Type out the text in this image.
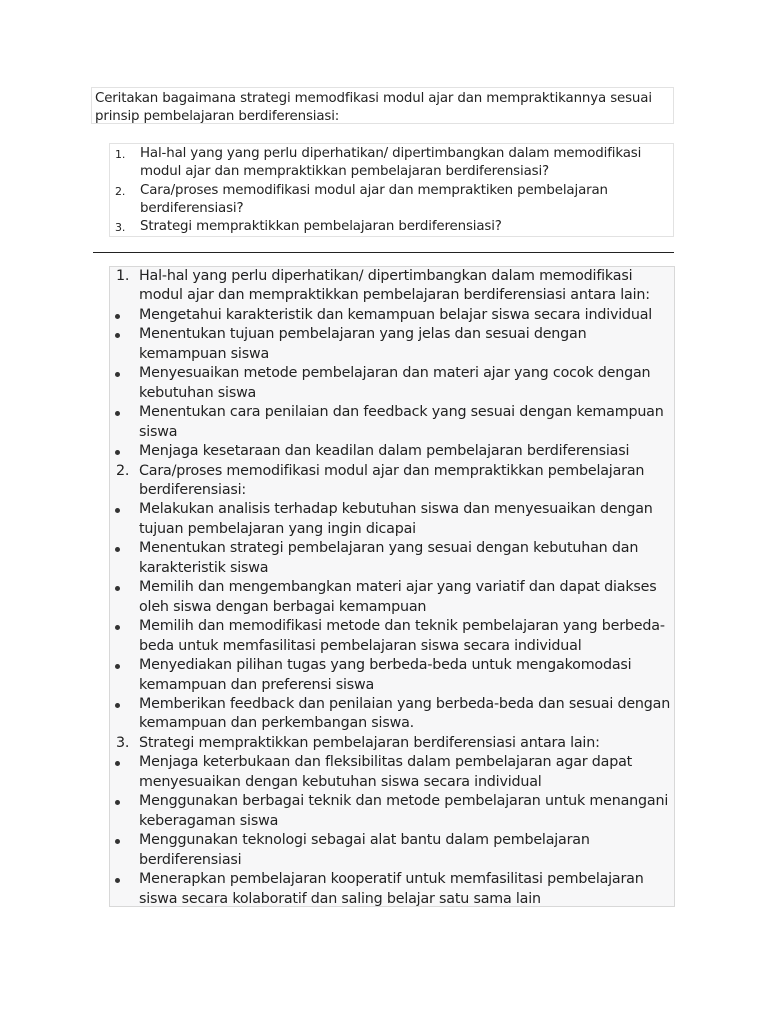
Ceritakan bagaimana strategi memodfikasi modul ajar dan mempraktikannya sesuai prinsip pembelajaran berdiferensiasi:
1. Hal-hal yang yang perlu diperhatikan/ dipertimbangkan dalam memodifikasi modul ajar dan mempraktikkan pembelajaran berdiferensiasi?
2. Cara/proses memodifikasi modul ajar dan mempraktiken pembelajaran berdiferensiasi?
3. Strategi mempraktikkan pembelajaran berdiferensiasi?
1. Hal-hal yang perlu diperhatikan/ dipertimbangkan dalam memodifikasi modul ajar dan mempraktikkan pembelajaran berdiferensiasi antara lain:
Mengetahui karakteristik dan kemampuan belajar siswa secara individual
Menentukan tujuan pembelajaran yang jelas dan sesuai dengan kemampuan siswa
Menyesuaikan metode pembelajaran dan materi ajar yang cocok dengan kebutuhan siswa
Menentukan cara penilaian dan feedback yang sesuai dengan kemampuan siswa
Menjaga kesetaraan dan keadilan dalam pembelajaran berdiferensiasi
2. Cara/proses memodifikasi modul ajar dan mempraktikkan pembelajaran berdiferensiasi:
Melakukan analisis terhadap kebutuhan siswa dan menyesuaikan dengan tujuan pembelajaran yang ingin dicapai
Menentukan strategi pembelajaran yang sesuai dengan kebutuhan dan karakteristik siswa
Memilih dan mengembangkan materi ajar yang variatif dan dapat diakses oleh siswa dengan berbagai kemampuan
Memilih dan memodifikasi metode dan teknik pembelajaran yang berbeda-beda untuk memfasilitasi pembelajaran siswa secara individual
Menyediakan pilihan tugas yang berbeda-beda untuk mengakomodasi kemampuan dan preferensi siswa
Memberikan feedback dan penilaian yang berbeda-beda dan sesuai dengan kemampuan dan perkembangan siswa.
3. Strategi mempraktikkan pembelajaran berdiferensiasi antara lain:
Menjaga keterbukaan dan fleksibilitas dalam pembelajaran agar dapat menyesuaikan dengan kebutuhan siswa secara individual
Menggunakan berbagai teknik dan metode pembelajaran untuk menangani keberagaman siswa
Menggunakan teknologi sebagai alat bantu dalam pembelajaran berdiferensiasi
Menerapkan pembelajaran kooperatif untuk memfasilitasi pembelajaran siswa secara kolaboratif dan saling belajar satu sama lain
